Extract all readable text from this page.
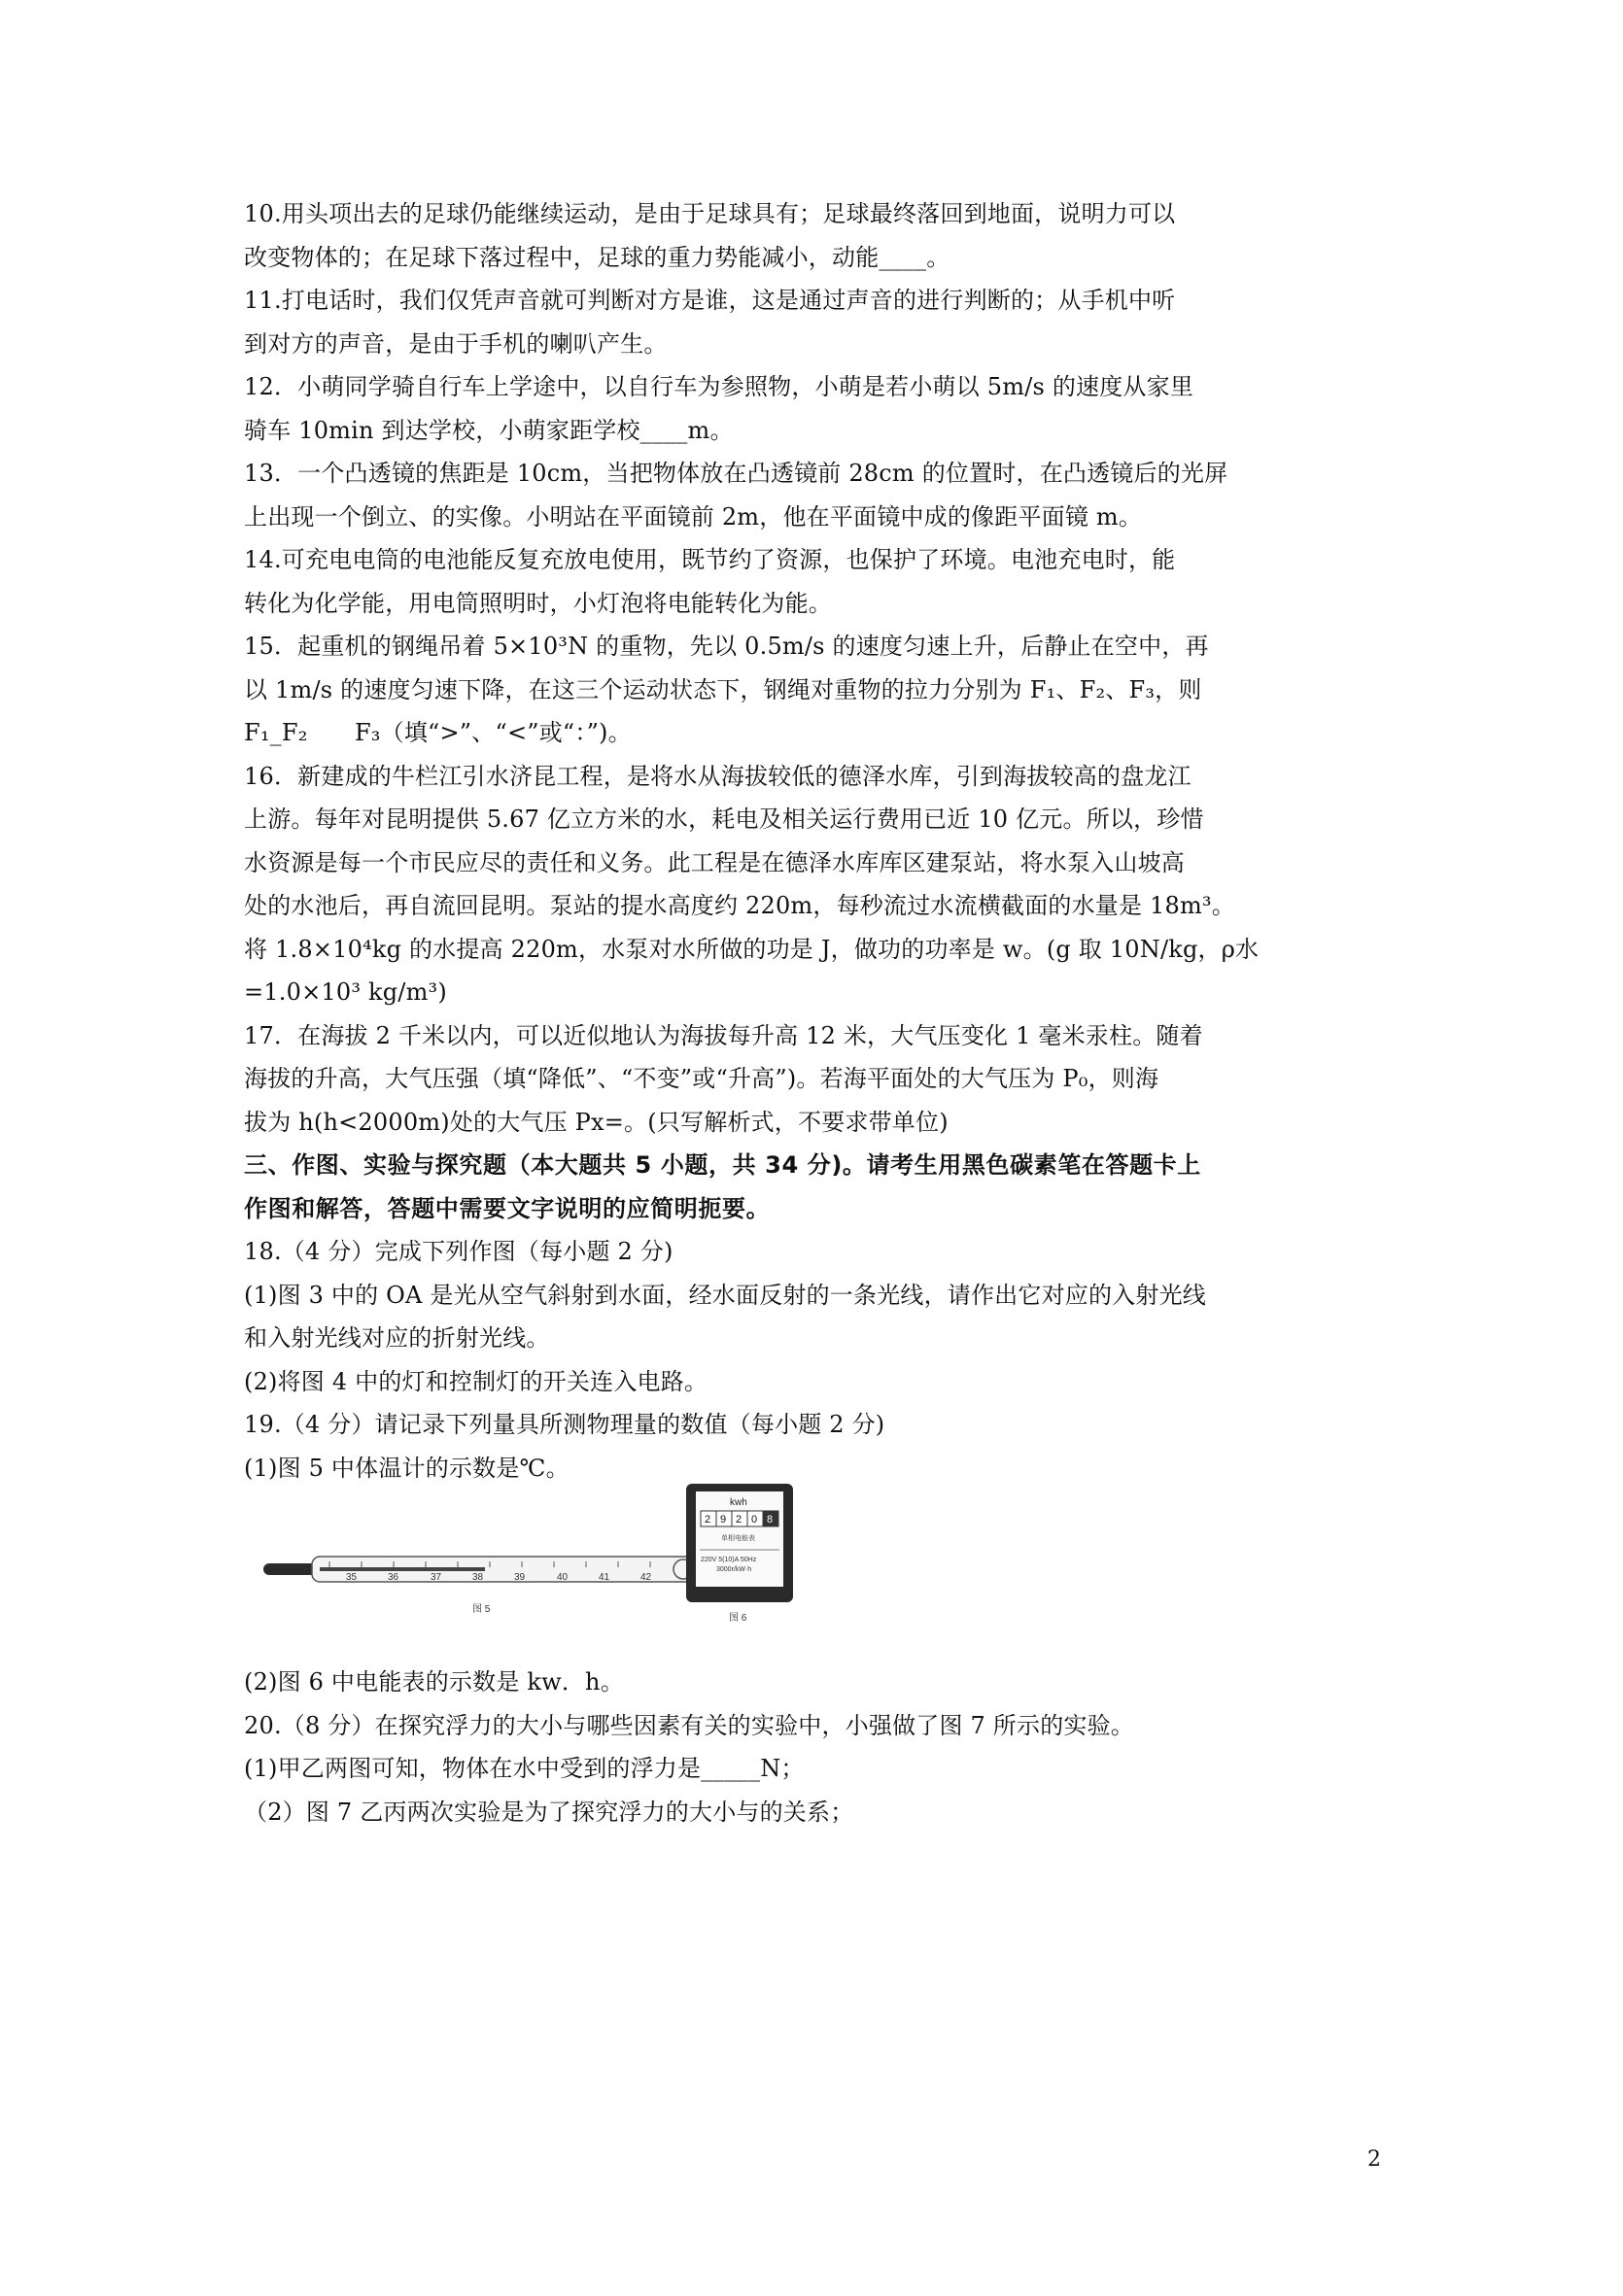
10.用头项出去的足球仍能继续运动，是由于足球具有；足球最终落回到地面，说明力可以
改变物体的；在足球下落过程中，足球的重力势能减小，动能____。
11.打电话时，我们仅凭声音就可判断对方是谁，这是通过声音的进行判断的；从手机中听
到对方的声音，是由于手机的喇叭产生。
12．小萌同学骑自行车上学途中，以自行车为参照物，小萌是若小萌以 5m/s 的速度从家里
骑车 10min 到达学校，小萌家距学校____m。
13．一个凸透镜的焦距是 10cm，当把物体放在凸透镜前 28cm 的位置时，在凸透镜后的光屏
上出现一个倒立、的实像。小明站在平面镜前 2m，他在平面镜中成的像距平面镜 m。
14.可充电电筒的电池能反复充放电使用，既节约了资源，也保护了环境。电池充电时，能
转化为化学能，用电筒照明时，小灯泡将电能转化为能。
15．起重机的钢绳吊着 5×10³N 的重物，先以 0.5m/s 的速度匀速上升，后静止在空中，再
以 1m/s 的速度匀速下降，在这三个运动状态下，钢绳对重物的拉力分别为 F₁、F₂、F₃，则
F₁_F₂　　F₃（填“>”、“<”或“：”)。
16．新建成的牛栏江引水济昆工程，是将水从海拔较低的德泽水库，引到海拔较高的盘龙江
上游。每年对昆明提供 5.67 亿立方米的水，耗电及相关运行费用已近 10 亿元。所以，珍惜
水资源是每一个市民应尽的责任和义务。此工程是在德泽水库库区建泵站，将水泵入山坡高
处的水池后，再自流回昆明。泵站的提水高度约 220m，每秒流过水流横截面的水量是 18m³。
将 1.8×10⁴kg 的水提高 220m，水泵对水所做的功是 J，做功的功率是 w。(g 取 10N/kg，ρ水
=1.0×10³ kg/m³)
17．在海拔 2 千米以内，可以近似地认为海拔每升高 12 米，大气压变化 1 毫米汞柱。随着
海拔的升高，大气压强（填“降低”、“不变”或“升高”)。若海平面处的大气压为 P₀，则海
拔为 h(h<2000m)处的大气压 Px=。(只写解析式，不要求带单位)
三、作图、实验与探究题（本大题共 5 小题，共 34 分)。请考生用黑色碳素笔在答题卡上
作图和解答，答题中需要文字说明的应简明扼要。
18.（4 分）完成下列作图（每小题 2 分)
(1)图 3 中的 OA 是光从空气斜射到水面，经水面反射的一条光线，请作出它对应的入射光线
和入射光线对应的折射光线。
(2)将图 4 中的灯和控制灯的开关连入电路。
19.（4 分）请记录下列量具所测物理量的数值（每小题 2 分)
(1)图 5 中体温计的示数是℃。
35	36	37	38	39	40	41	42
图 5
kwh
2 9 2 0 8
单相电能表
220V 5(10)A 50Hz
3000r/kW·h
图 6
(2)图 6 中电能表的示数是 kw．h。
20.（8 分）在探究浮力的大小与哪些因素有关的实验中，小强做了图 7 所示的实验。
(1)甲乙两图可知，物体在水中受到的浮力是_____N；
（2）图 7 乙丙两次实验是为了探究浮力的大小与的关系；
2
